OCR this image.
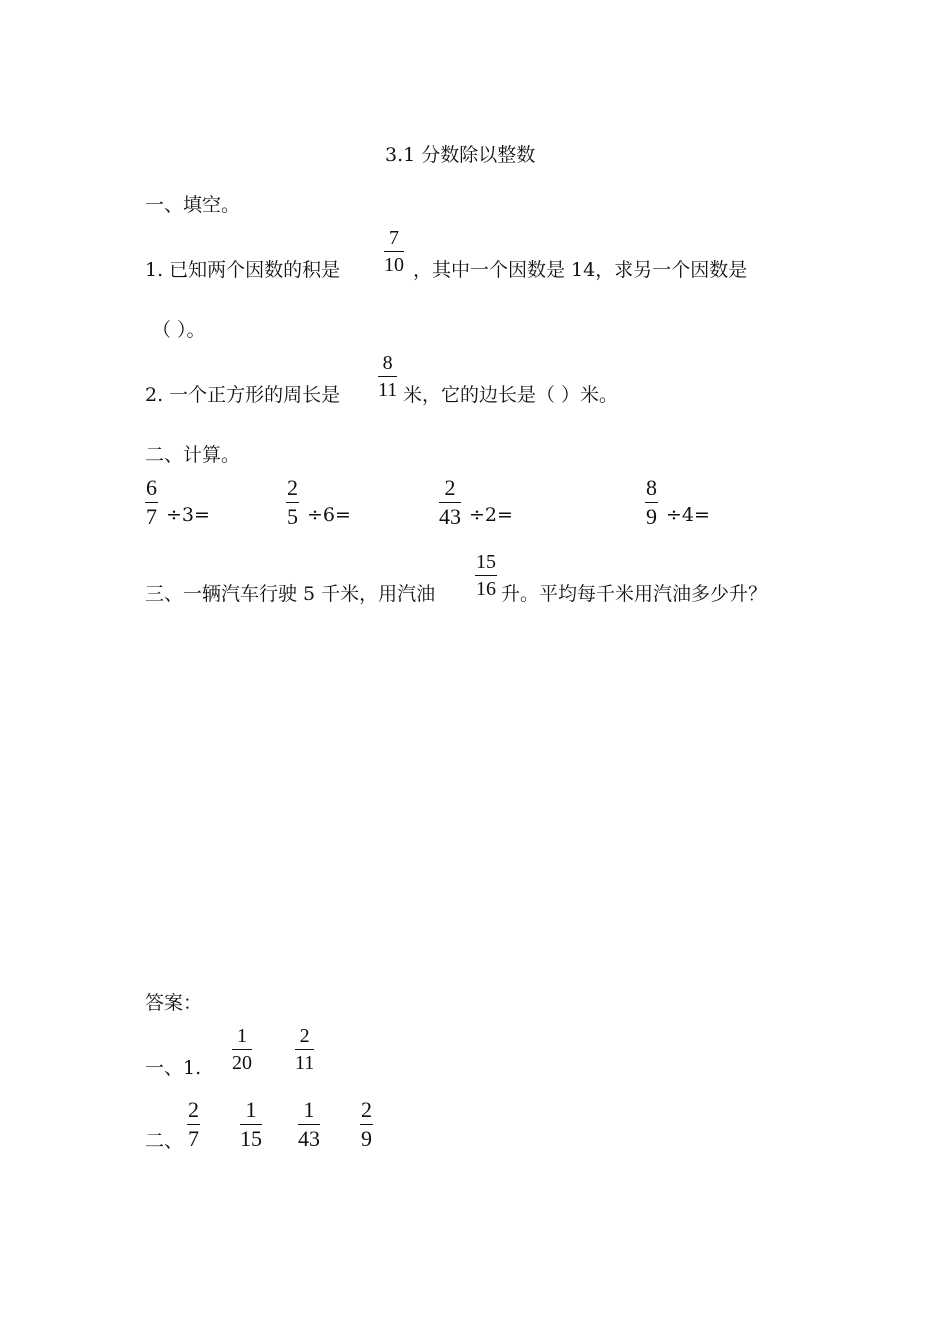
3.1 分数除以整数
一、填空。
1. 已知两个因数的积是 $\frac{7}{10}$ ，其中一个因数是 14，求另一个因数是
（ ）。
2. 一个正方形的周长是 $\frac{8}{11}$ 米，它的边长是（ ）米。
二、计算。
$\frac{6}{7} \div 3=$	$\frac{2}{5} \div 6=$	$\frac{2}{43} \div 2=$	$\frac{8}{9} \div 4=$
三、一辆汽车行驶 5 千米，用汽油 $\frac{15}{16}$ 升。平均每千米用汽油多少升？
答案：
一、1. $\frac{1}{20} \frac{2}{11}$
二、 $\frac{2}{7} \frac{1}{15} \frac{1}{43} \frac{2}{9}$
